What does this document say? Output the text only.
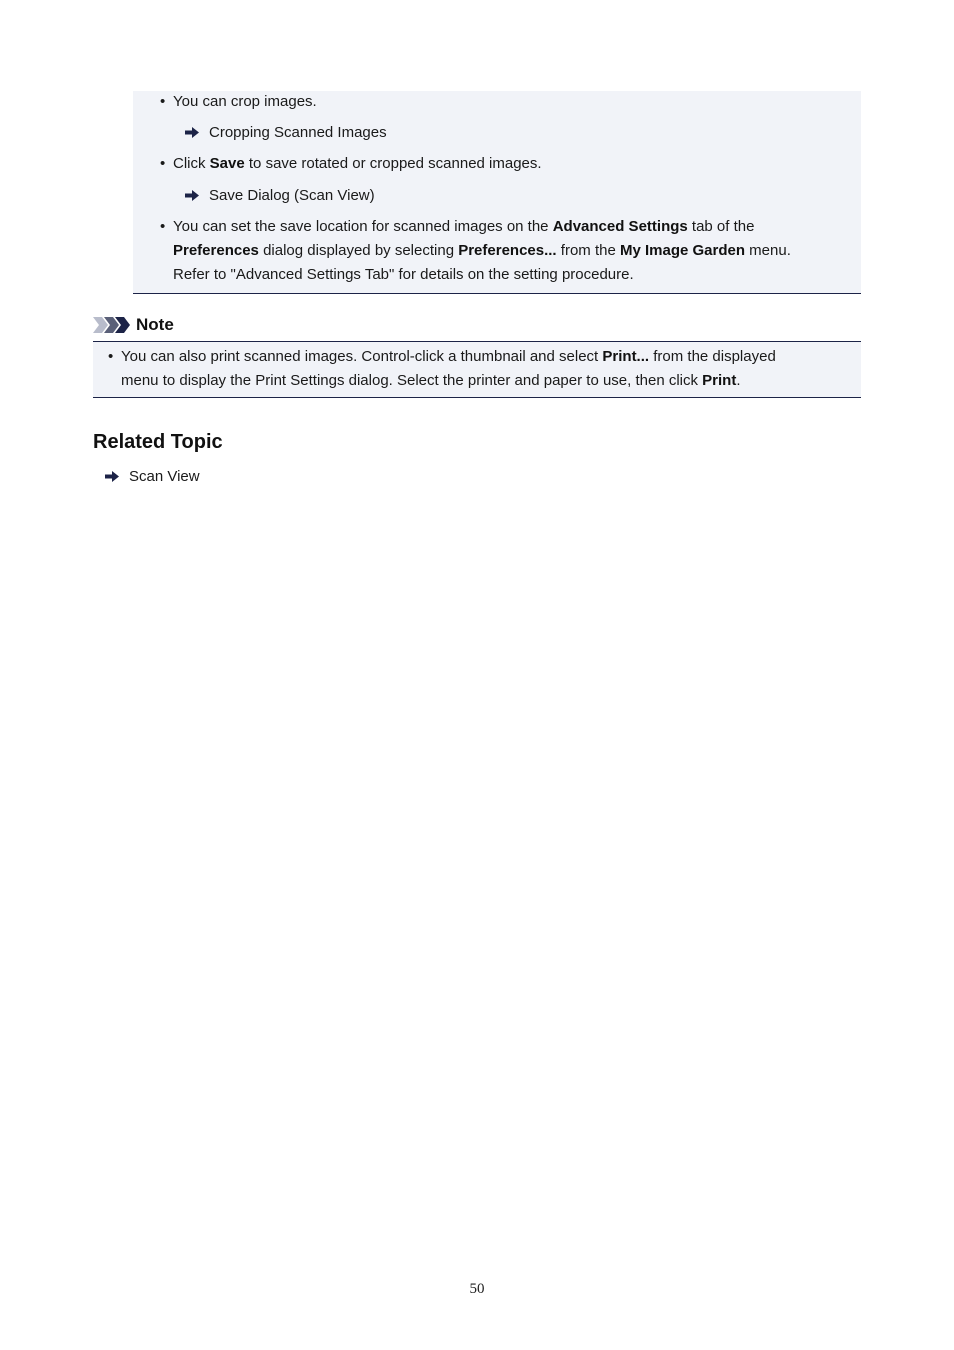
• You can crop images.
Cropping Scanned Images
• Click Save to save rotated or cropped scanned images.
Save Dialog (Scan View)
• You can set the save location for scanned images on the Advanced Settings tab of the
Preferences dialog displayed by selecting Preferences... from the My Image Garden menu.
Refer to "Advanced Settings Tab" for details on the setting procedure.
Note
• You can also print scanned images. Control-click a thumbnail and select Print... from the displayed
menu to display the Print Settings dialog. Select the printer and paper to use, then click Print.
Related Topic
Scan View
50
